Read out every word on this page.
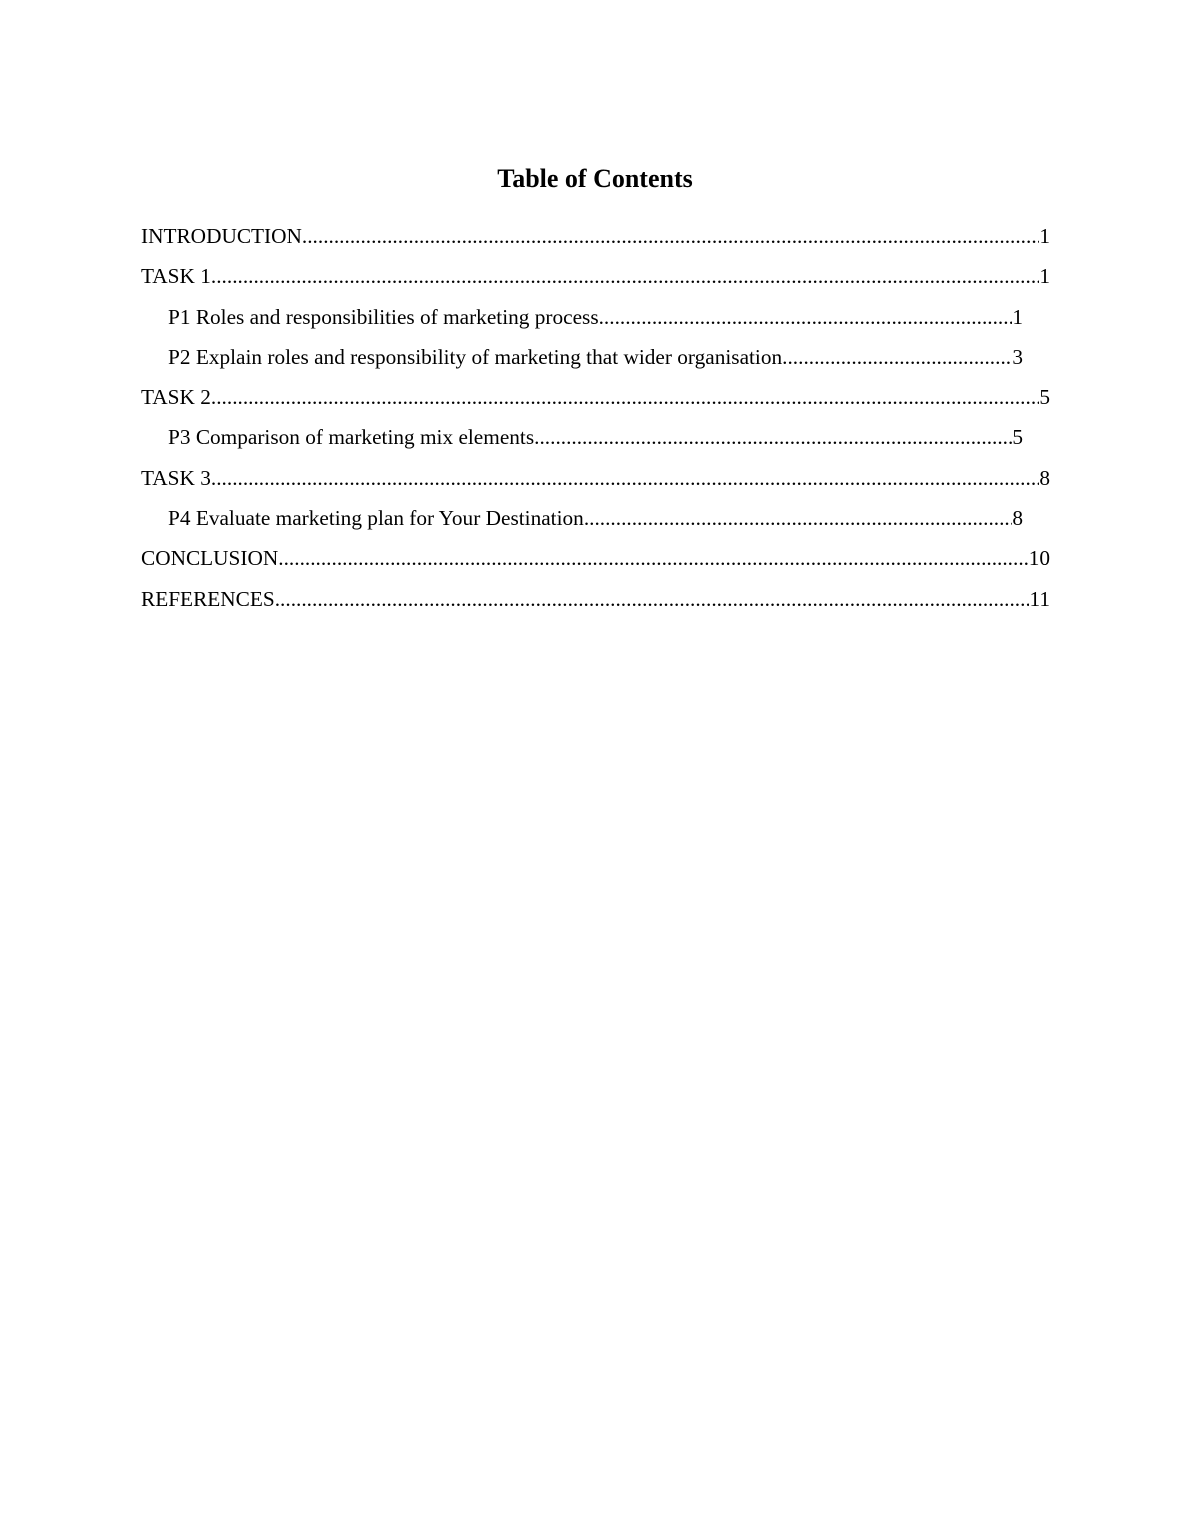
Table of Contents
INTRODUCTION .....	1
TASK 1 .....	1
P1 Roles and responsibilities of marketing process .....	1
P2 Explain roles and responsibility of marketing that wider organisation .....	3
TASK 2 .....	5
P3 Comparison of marketing mix elements .....	5
TASK 3 .....	8
P4 Evaluate marketing plan for Your Destination .....	8
CONCLUSION .....	10
REFERENCES .....	11
